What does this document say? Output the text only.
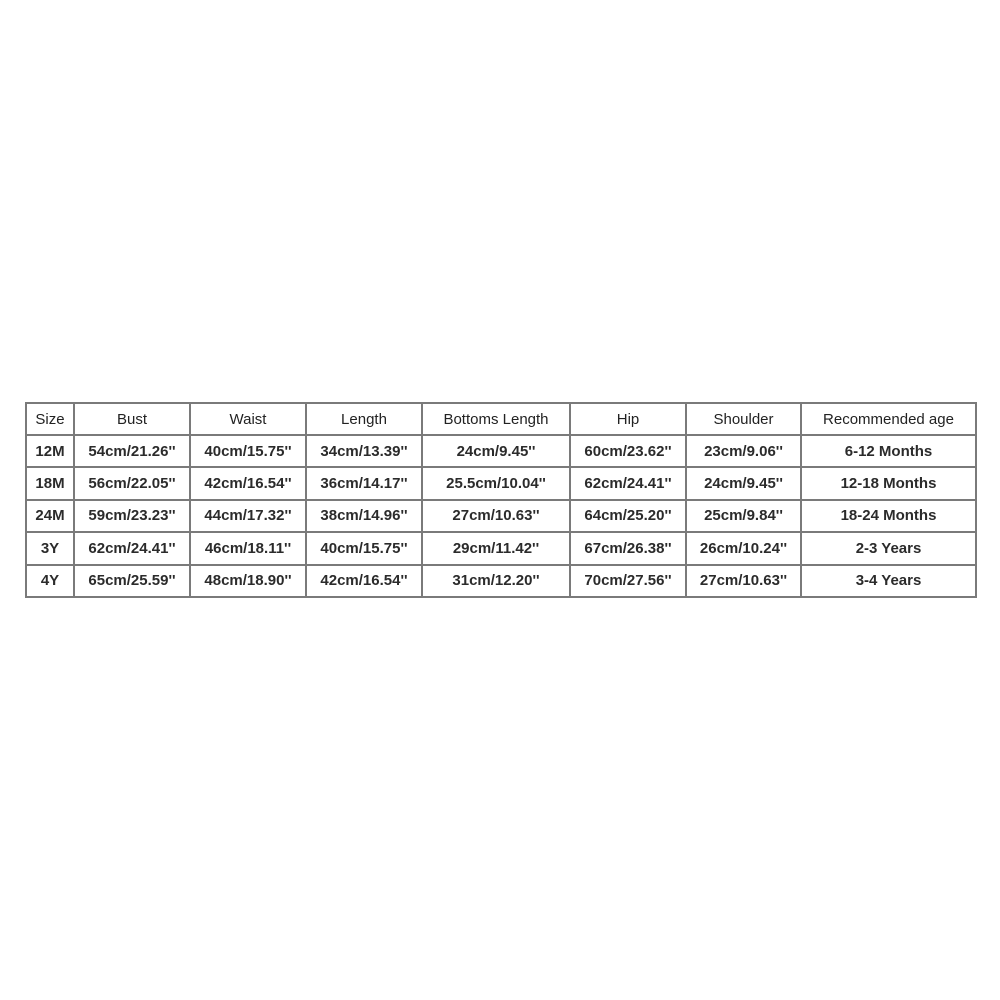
Size	Bust	Waist	Length	Bottoms Length	Hip	Shoulder	Recommended age
12M	54cm/21.26''	40cm/15.75''	34cm/13.39''	24cm/9.45''	60cm/23.62''	23cm/9.06''	6-12 Months
18M	56cm/22.05''	42cm/16.54''	36cm/14.17''	25.5cm/10.04''	62cm/24.41''	24cm/9.45''	12-18 Months
24M	59cm/23.23''	44cm/17.32''	38cm/14.96''	27cm/10.63''	64cm/25.20''	25cm/9.84''	18-24 Months
3Y	62cm/24.41''	46cm/18.11''	40cm/15.75''	29cm/11.42''	67cm/26.38''	26cm/10.24''	2-3 Years
4Y	65cm/25.59''	48cm/18.90''	42cm/16.54''	31cm/12.20''	70cm/27.56''	27cm/10.63''	3-4 Years
